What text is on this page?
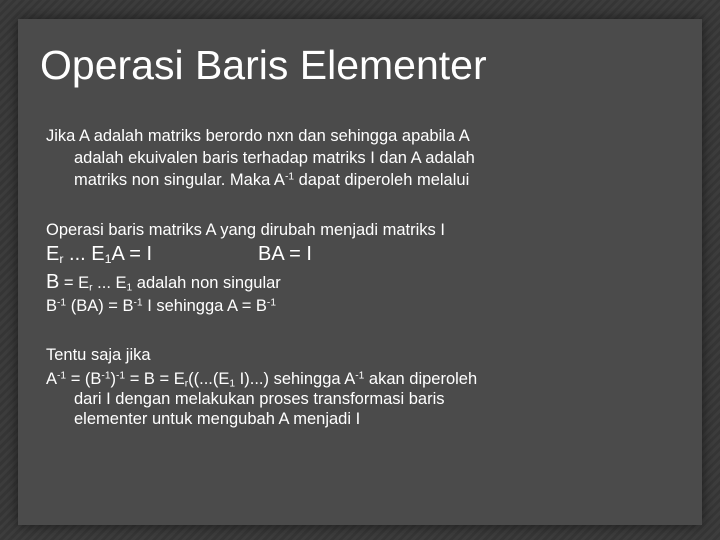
Operasi Baris Elementer
Jika A adalah matriks berordo nxn dan sehingga apabila A
adalah ekuivalen baris terhadap matriks I dan A adalah
matriks non singular. Maka $A^{-1}$ dapat diperoleh melalui
Operasi baris matriks A yang dirubah menjadi matriks I
$E_r$ ... $E_1A = I$	BA = I
$B = E_r$ ... $E_1$ adalah non singular
$B^{-1}$ $(BA) = B^{-1}$ I sehingga $A = B^{-1}$
Tentu saja jika
$A^{-1} = (B^{-1})^{-1} = B = E_r((...(E_1$ I)...) sehingga $A^{-1}$ akan diperoleh
dari I dengan melakukan proses transformasi baris
elementer untuk mengubah A menjadi I
